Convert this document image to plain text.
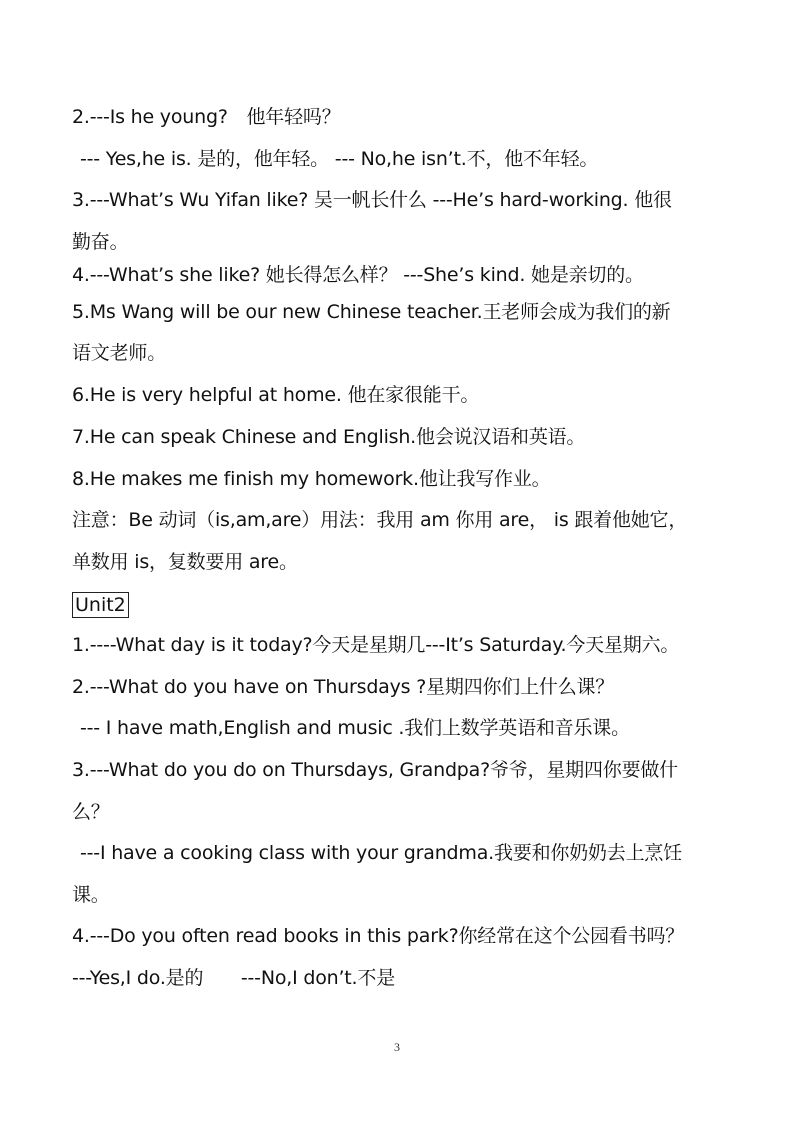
2.---Is he young? 他年轻吗？

--- Yes,he is. 是的，他年轻。 --- No,he isn’t.不，他不年轻。

3.---What’s Wu Yifan like? 吴一帆长什么 ---He’s hard-working. 他很

勤奋。

4.---What’s she like? 她长得怎么样？ ---She’s kind. 她是亲切的。

5.Ms Wang will be our new Chinese teacher.王老师会成为我们的新

语文老师。

6.He is very helpful at home. 他在家很能干。

7.He can speak Chinese and English.他会说汉语和英语。

8.He makes me finish my homework.他让我写作业。

注意：Be 动词（is,am,are）用法：我用 am 你用 are， is 跟着他她它，

单数用 is，复数要用 are。

Unit2

1.----What day is it today?今天是星期几---It’s Saturday.今天星期六。

2.---What do you have on Thursdays ?星期四你们上什么课？

--- I have math,English and music .我们上数学英语和音乐课。

3.---What do you do on Thursdays, Grandpa?爷爷，星期四你要做什

么？

---I have a cooking class with your grandma.我要和你奶奶去上烹饪

课。

4.---Do you often read books in this park?你经常在这个公园看书吗？

---Yes,I do.是的  ---No,I don’t.不是

3
